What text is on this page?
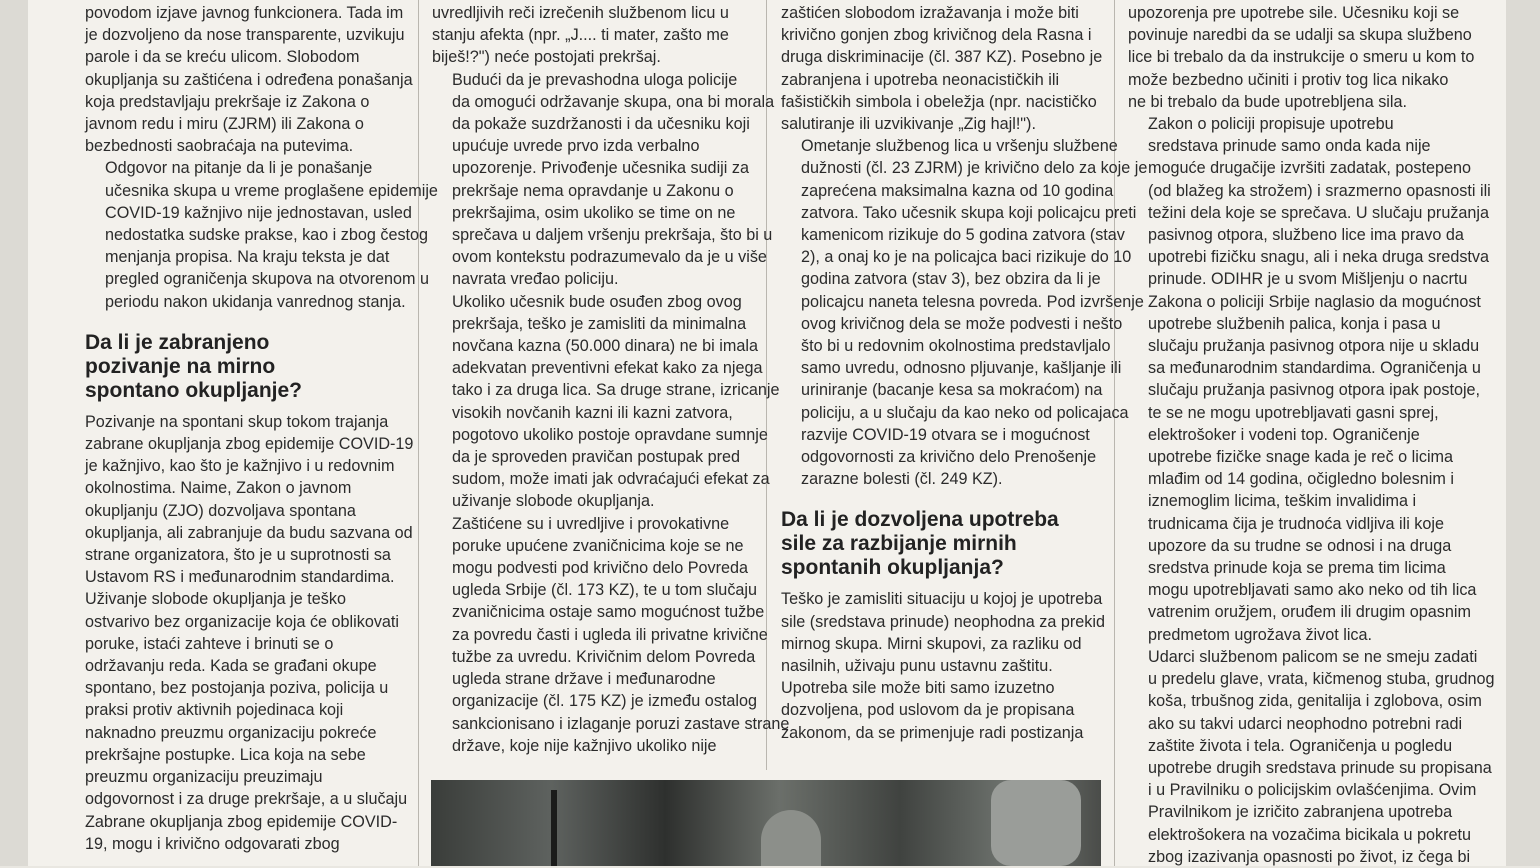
povodom izjave javnog funkcionera. Tada im
je dozvoljeno da nose transparente, uzvikuju
parole i da se kreću ulicom. Slobodom
okupljanja su zaštićena i određena ponašanja
koja predstavljaju prekršaje iz Zakona o
javnom redu i miru (ZJRM) ili Zakona o
bezbednosti saobraćaja na putevima.

Odgovor na pitanje da li je ponašanje
učesnika skupa u vreme proglašene epidemije
COVID-19 kažnjivo nije jednostavan, usled
nedostatka sudske prakse, kao i zbog čestog
menjanja propisa. Na kraju teksta je dat
pregled ograničenja skupova na otvorenom u
periodu nakon ukidanja vanrednog stanja.

Da li je zabranjeno
pozivanje na mirno
spontano okupljanje?

Pozivanje na spontani skup tokom trajanja
zabrane okupljanja zbog epidemije COVID-19
je kažnjivo, kao što je kažnjivo i u redovnim
okolnostima. Naime, Zakon o javnom
okupljanju (ZJO) dozvoljava spontana
okupljanja, ali zabranjuje da budu sazvana od
strane organizatora, što je u suprotnosti sa
Ustavom RS i međunarodnim standardima.
Uživanje slobode okupljanja je teško
ostvarivo bez organizacije koja će oblikovati
poruke, istaći zahteve i brinuti se o
održavanju reda. Kada se građani okupe
spontano, bez postojanja poziva, policija u
praksi protiv aktivnih pojedinaca koji
naknadno preuzmu organizaciju pokreće
prekršajne postupke. Lica koja na sebe
preuzmu organizaciju preuzimaju
odgovornost i za druge prekršaje, a u slučaju
Zabrane okupljanja zbog epidemije COVID-
19, mogu i krivično odgovarati zbog

uvredljivih reči izrečenih službenom licu u
stanju afekta (npr. „J.... ti mater, zašto me
biješ!?") neće postojati prekršaj.

Budući da je prevashodna uloga policije
da omogući održavanje skupa, ona bi morala
da pokaže suzdržanosti i da učesniku koji
upućuje uvrede prvo izda verbalno
upozorenje. Privođenje učesnika sudiji za
prekršaje nema opravdanje u Zakonu o
prekršajima, osim ukoliko se time on ne
sprečava u daljem vršenju prekršaja, što bi u
ovom kontekstu podrazumevalo da je u više
navrata vređao policiju.

Ukoliko učesnik bude osuđen zbog ovog
prekršaja, teško je zamisliti da minimalna
novčana kazna (50.000 dinara) ne bi imala
adekvatan preventivni efekat kako za njega
tako i za druga lica. Sa druge strane, izricanje
visokih novčanih kazni ili kazni zatvora,
pogotovo ukoliko postoje opravdane sumnje
da je sproveden pravičan postupak pred
sudom, može imati jak odvraćajući efekat za
uživanje slobode okupljanja.

Zaštićene su i uvredljive i provokativne
poruke upućene zvaničnicima koje se ne
mogu podvesti pod krivično delo Povreda
ugleda Srbije (čl. 173 KZ), te u tom slučaju
zvaničnicima ostaje samo mogućnost tužbe
za povredu časti i ugleda ili privatne krivične
tužbe za uvredu. Krivičnim delom Povreda
ugleda strane države i međunarodne
organizacije (čl. 175 KZ) je između ostalog
sankcionisano i izlaganje poruzi zastave strane
države, koje nije kažnjivo ukoliko nije

zaštićen slobodom izražavanja i može biti
krivično gonjen zbog krivičnog dela Rasna i
druga diskriminacije (čl. 387 KZ). Posebno je
zabranjena i upotreba neonacističkih ili
fašističkih simbola i obeležja (npr. nacističko
salutiranje ili uzvikivanje „Zig hajl!").

Ometanje službenog lica u vršenju službene
dužnosti (čl. 23 ZJRM) je krivično delo za koje je
zaprećena maksimalna kazna od 10 godina
zatvora. Tako učesnik skupa koji policajcu preti
kamenicom rizikuje do 5 godina zatvora (stav
2), a onaj ko je na policajca baci rizikuje do 10
godina zatvora (stav 3), bez obzira da li je
policajcu naneta telesna povreda. Pod izvršenje
ovog krivičnog dela se može podvesti i nešto
što bi u redovnim okolnostima predstavljalo
samo uvredu, odnosno pljuvanje, kašljanje ili
uriniranje (bacanje kesa sa mokraćom) na
policiju, a u slučaju da kao neko od policajaca
razvije COVID-19 otvara se i mogućnost
odgovornosti za krivično delo Prenošenje
zarazne bolesti (čl. 249 KZ).

Da li je dozvoljena upotreba
sile za razbijanje mirnih
spontanih okupljanja?

Teško je zamisliti situaciju u kojoj je upotreba
sile (sredstava prinude) neophodna za prekid
mirnog skupa. Mirni skupovi, za razliku od
nasilnih, uživaju punu ustavnu zaštitu.
Upotreba sile može biti samo izuzetno
dozvoljena, pod uslovom da je propisana
zakonom, da se primenjuje radi postizanja

upozorenja pre upotrebe sile. Učesniku koji se
povinuje naredbi da se udalji sa skupa službeno
lice bi trebalo da da instrukcije o smeru u kom to
može bezbedno učiniti i protiv tog lica nikako
ne bi trebalo da bude upotrebljena sila.

Zakon o policiji propisuje upotrebu
sredstava prinude samo onda kada nije
moguće drugačije izvršiti zadatak, postepeno
(od blažeg ka strožem) i srazmerno opasnosti ili
težini dela koje se sprečava. U slučaju pružanja
pasivnog otpora, službeno lice ima pravo da
upotrebi fizičku snagu, ali i neka druga sredstva
prinude. ODIHR je u svom Mišljenju o nacrtu
Zakona o policiji Srbije naglasio da mogućnost
upotrebe službenih palica, konja i pasa u
slučaju pružanja pasivnog otpora nije u skladu
sa međunarodnim standardima. Ograničenja u
slučaju pružanja pasivnog otpora ipak postoje,
te se ne mogu upotrebljavati gasni sprej,
elektrošoker i vodeni top. Ograničenje
upotrebe fizičke snage kada je reč o licima
mlađim od 14 godina, očigledno bolesnim i
iznemoglim licima, teškim invalidima i
trudnicama čija je trudnoća vidljiva ili koje
upozore da su trudne se odnosi i na druga
sredstva prinude koja se prema tim licima
mogu upotrebljavati samo ako neko od tih lica
vatrenim oružjem, oruđem ili drugim opasnim
predmetom ugrožava život lica.

Udarci službenom palicom se ne smeju zadati
u predelu glave, vrata, kičmenog stuba, grudnog
koša, trbušnog zida, genitalija i zglobova, osim
ako su takvi udarci neophodno potrebni radi
zaštite života i tela. Ograničenja u pogledu
upotrebe drugih sredstava prinude su propisana
i u Pravilniku o policijskim ovlašćenjima. Ovim
Pravilnikom je izričito zabranjena upotreba
elektrošokera na vozačima bicikala u pokretu
zbog izazivanja opasnosti po život, iz čega bi
